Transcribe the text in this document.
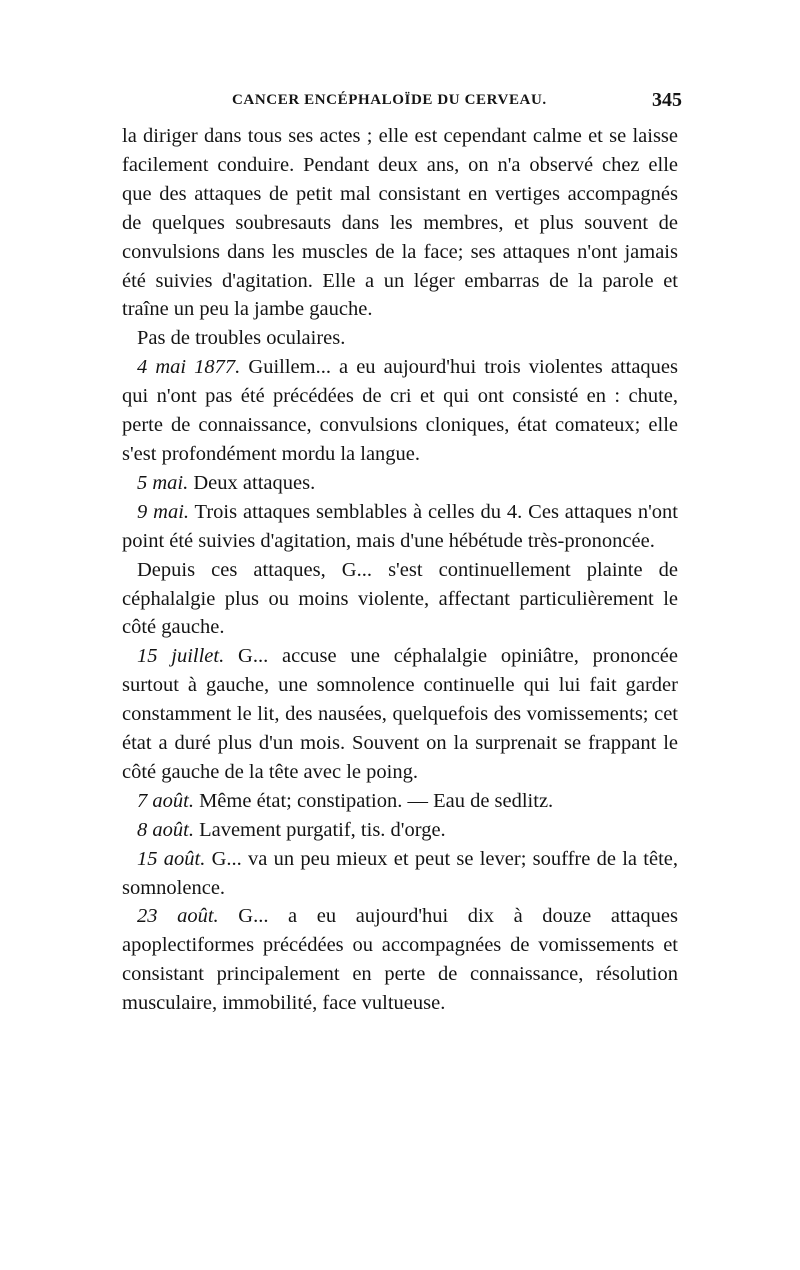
CANCER ENCÉPHALOÏDE DU CERVEAU.	345

la diriger dans tous ses actes ; elle est cependant calme et se laisse facilement conduire. Pendant deux ans, on n'a observé chez elle que des attaques de petit mal consistant en vertiges accompagnés de quelques soubresauts dans les membres, et plus souvent de convulsions dans les muscles de la face; ses attaques n'ont jamais été suivies d'agitation. Elle a un léger embarras de la parole et traîne un peu la jambe gauche.

Pas de troubles oculaires.

4 mai 1877. Guillem... a eu aujourd'hui trois violentes attaques qui n'ont pas été précédées de cri et qui ont consisté en : chute, perte de connaissance, convulsions cloniques, état comateux; elle s'est profondément mordu la langue.

5 mai. Deux attaques.

9 mai. Trois attaques semblables à celles du 4. Ces attaques n'ont point été suivies d'agitation, mais d'une hébétude très-prononcée.

Depuis ces attaques, G... s'est continuellement plainte de céphalalgie plus ou moins violente, affectant particulièrement le côté gauche.

15 juillet. G... accuse une céphalalgie opiniâtre, prononcée surtout à gauche, une somnolence continuelle qui lui fait garder constamment le lit, des nausées, quelquefois des vomissements; cet état a duré plus d'un mois. Souvent on la surprenait se frappant le côté gauche de la tête avec le poing.

7 août. Même état; constipation. — Eau de sedlitz.

8 août. Lavement purgatif, tis. d'orge.

15 août. G... va un peu mieux et peut se lever; souffre de la tête, somnolence.

23 août. G... a eu aujourd'hui dix à douze attaques apoplectiformes précédées ou accompagnées de vomissements et consistant principalement en perte de connaissance, résolution musculaire, immobilité, face vultueuse.
